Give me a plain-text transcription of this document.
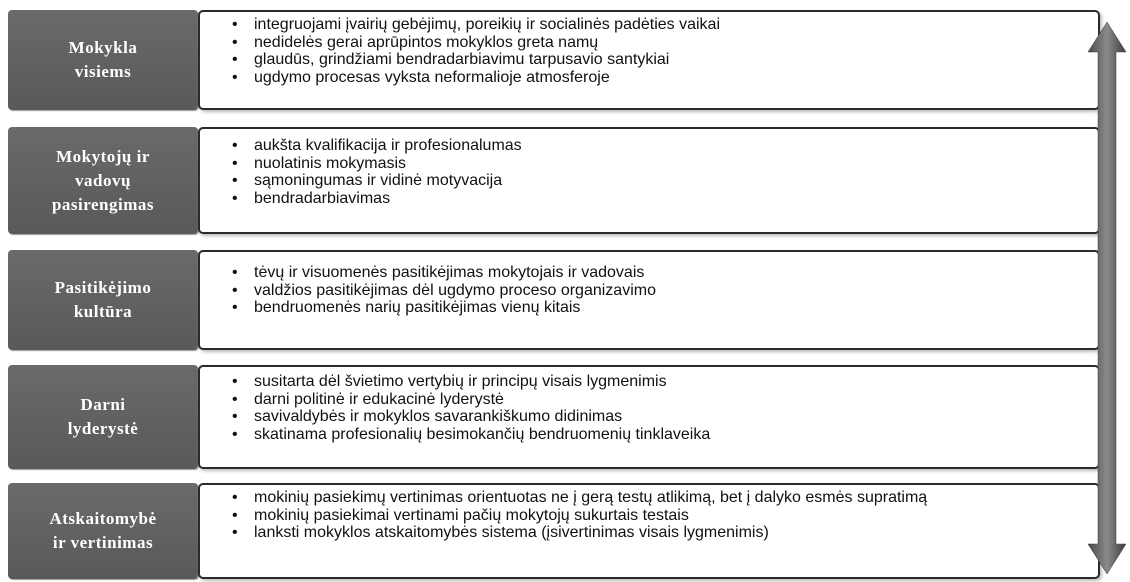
Mokykla
visiems
• integruojami įvairių gebėjimų, poreikių ir socialinės padėties vaikai
• nedidelės gerai aprūpintos mokyklos greta namų
• glaudūs, grindžiami bendradarbiavimu tarpusavio santykiai
• ugdymo procesas vyksta neformalioje atmosferoje
Mokytojų ir
vadovų
pasirengimas
• aukšta kvalifikacija ir profesionalumas
• nuolatinis mokymasis
• sąmoningumas ir vidinė motyvacija
• bendradarbiavimas
Pasitikėjimo
kultūra
• tėvų ir visuomenės pasitikėjimas mokytojais ir vadovais
• valdžios pasitikėjimas dėl ugdymo proceso organizavimo
• bendruomenės narių pasitikėjimas vienų kitais
Darni
lyderystė
• susitarta dėl švietimo vertybių ir principų visais lygmenimis
• darni politinė ir edukacinė lyderystė
• savivaldybės ir mokyklos savarankiškumo didinimas
• skatinama profesionalių besimokančių bendruomenių tinklaveika
Atskaitomybė
ir vertinimas
• mokinių pasiekimų vertinimas orientuotas ne į gerą testų atlikimą, bet į dalyko esmės supratimą
• mokinių pasiekimai vertinami pačių mokytojų sukurtais testais
• lanksti mokyklos atskaitomybės sistema (įsivertinimas visais lygmenimis)
